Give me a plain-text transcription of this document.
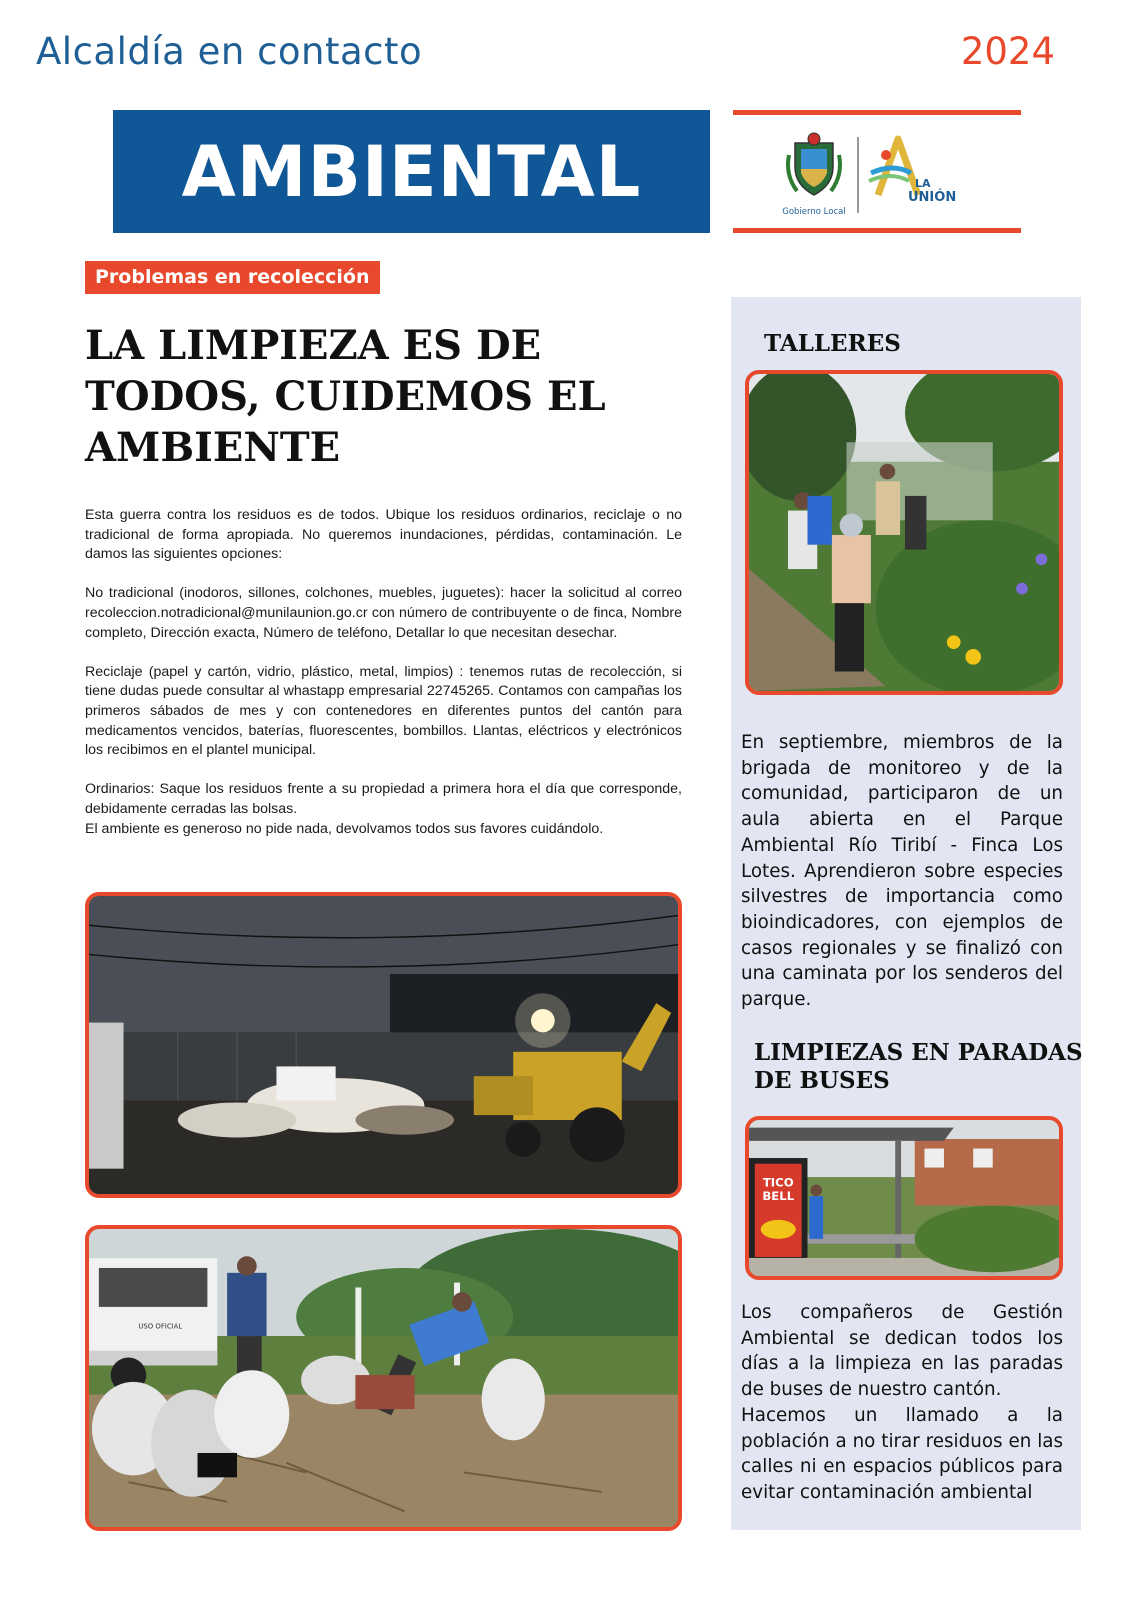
Alcaldía en contacto	2024
AMBIENTAL	Gobierno Local
LA
UNIÓN
Problemas en recolección
LA LIMPIEZA ES DE
TODOS, CUIDEMOS EL
AMBIENTE

Esta guerra contra los residuos es de todos. Ubique los residuos ordinarios, reciclaje o no tradicional de forma apropiada. No queremos inundaciones, pérdidas, contaminación. Le damos las siguientes opciones:

No tradicional (inodoros, sillones, colchones, muebles, juguetes): hacer la solicitud al correo recoleccion.notradicional@munilaunion.go.cr con número de contribuyente o de finca, Nombre completo, Dirección exacta, Número de teléfono, Detallar lo que necesitan desechar.

Reciclaje (papel y cartón, vidrio, plástico, metal, limpios) : tenemos rutas de recolección, si tiene dudas puede consultar al whastapp empresarial 22745265. Contamos con campañas los primeros sábados de mes y con contenedores en diferentes puntos del cantón para medicamentos vencidos, baterías, fluorescentes, bombillos. Llantas, eléctricos y electrónicos los recibimos en el plantel municipal.

Ordinarios: Saque los residuos frente a su propiedad a primera hora el día que corresponde, debidamente cerradas las bolsas.

El ambiente es generoso no pide nada, devolvamos todos sus favores cuidándolo.

USO OFICIAL
TALLERES

En septiembre, miembros de la brigada de monitoreo y de la comunidad, participaron de un aula abierta en el Parque Ambiental Río Tiribí - Finca Los Lotes. Aprendieron sobre especies silvestres de importancia como bioindicadores, con ejemplos de casos regionales y se finalizó con una caminata por los senderos del parque.

LIMPIEZAS EN PARADAS
DE BUSES
TICO
BELL

Los compañeros de Gestión Ambiental se dedican todos los días a la limpieza en las paradas de buses de nuestro cantón.
Hacemos un llamado a la población a no tirar residuos en las calles ni en espacios públicos para evitar contaminación ambiental
